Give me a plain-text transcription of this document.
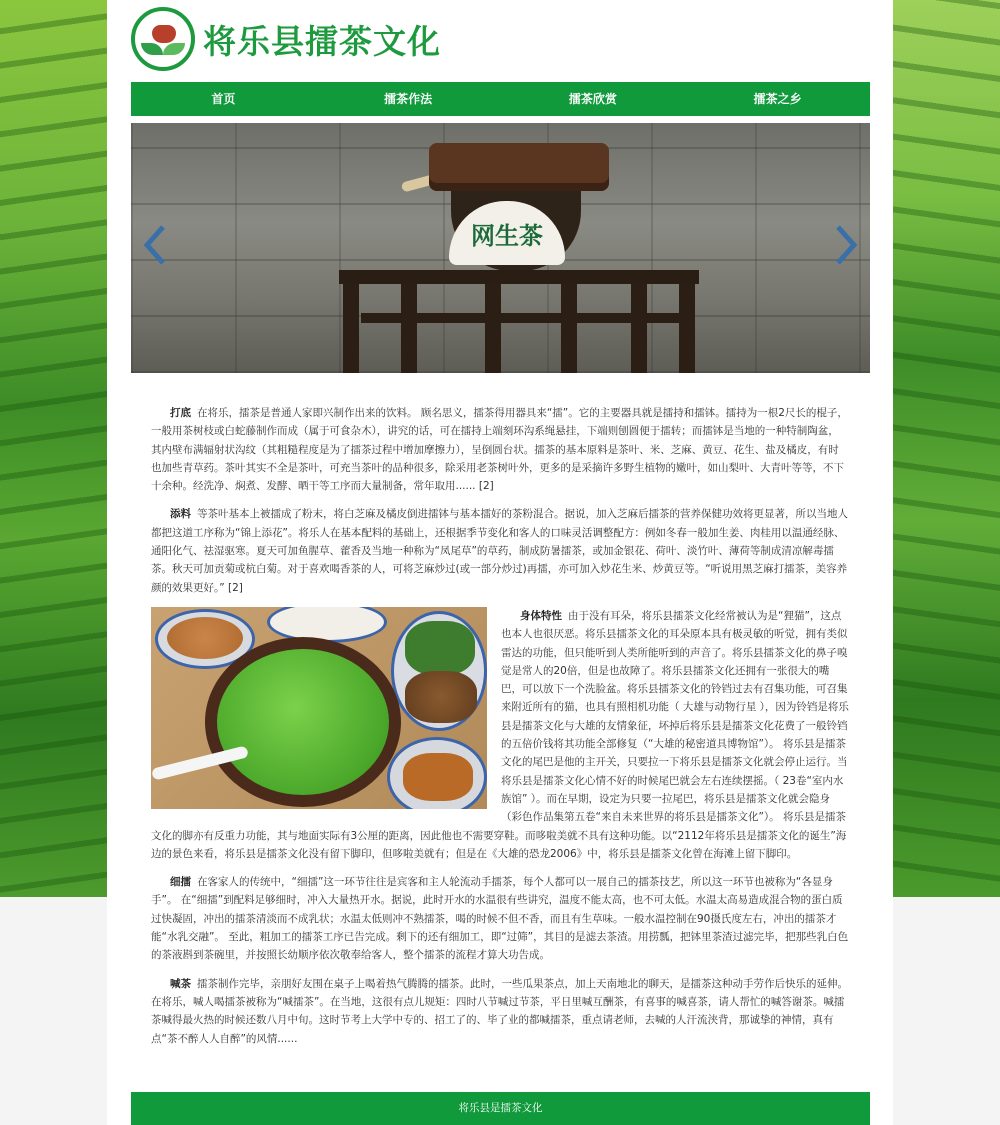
将乐县擂茶文化
首页	擂茶作法	擂茶欣赏	擂茶之乡
网生茶

打底 在将乐，擂茶是普通人家即兴制作出来的饮料。 顾名思义，擂茶得用器具来“擂”。它的主要器具就是擂持和擂钵。擂持为一根2尺长的棍子，一般用茶树枝或白蛇藤制作而成（属于可食杂木），讲究的话，可在擂持上端刻环沟系绳悬挂，下端则刨圆便于擂转；而擂钵是当地的一种特制陶盆，其内壁布满辐射状沟纹（其粗糙程度是为了擂茶过程中增加摩擦力），呈倒圆台状。擂茶的基本原料是茶叶、米、芝麻、黄豆、花生、盐及橘皮，有时也加些青草药。茶叶其实不全是茶叶，可充当茶叶的品种很多，除采用老茶树叶外，更多的是采摘许多野生植物的嫩叶，如山梨叶、大青叶等等，不下十余种。经洗净、焖煮、发酵、晒干等工序而大量制备，常年取用...... [2]

添料 等茶叶基本上被擂成了粉末，将白芝麻及橘皮倒进擂钵与基本擂好的茶粉混合。据说，加入芝麻后擂茶的营养保健功效将更显著，所以当地人都把这道工序称为“锦上添花”。将乐人在基本配料的基础上，还根据季节变化和客人的口味灵活调整配方：例如冬春一般加生姜、肉桂用以温通经脉、通阳化气、祛湿驱寒。夏天可加鱼腥草、藿香及当地一种称为“凤尾草”的草药，制成防暑擂茶，或加金银花、荷叶、淡竹叶、薄荷等制成清凉解毒擂茶。秋天可加贡菊或杭白菊。对于喜欢喝香茶的人，可将芝麻炒过(或一部分炒过)再擂，亦可加入炒花生米、炒黄豆等。“听说用黑芝麻打擂茶，美容养颜的效果更好。” [2]

身体特性 由于没有耳朵，将乐县擂茶文化经常被认为是“狸猫”，这点也本人也很厌恶。将乐县擂茶文化的耳朵原本具有极灵敏的听觉，拥有类似雷达的功能，但只能听到人类所能听到的声音了。将乐县擂茶文化的鼻子嗅觉是常人的20倍，但是也故障了。将乐县擂茶文化还拥有一张很大的嘴巴，可以放下一个洗脸盆。将乐县擂茶文化的铃铛过去有召集功能，可召集来附近所有的猫，也具有照相机功能（ 大雄与动物行星 ），因为铃铛是将乐县是擂茶文化与大雄的友情象征，坏掉后将乐县是擂茶文化花费了一般铃铛的五倍价钱将其功能全部修复（“大雄的秘密道具博物馆”）。 将乐县是擂茶文化的尾巴是他的主开关，只要拉一下将乐县是擂茶文化就会停止运行。当将乐县是擂茶文化心情不好的时候尾巴就会左右连续摆摇。（ 23卷“室内水族馆” ）。而在早期，设定为只要一拉尾巴，将乐县是擂茶文化就会隐身（彩色作品集第五卷“来自未来世界的将乐县是擂茶文化”）。 将乐县是擂茶文化的脚亦有反重力功能，其与地面实际有3公厘的距离，因此他也不需要穿鞋。而哆啦美就不具有这种功能。以“2112年将乐县是擂茶文化的诞生”海边的景色来看，将乐县是擂茶文化没有留下脚印，但哆啦美就有；但是在《大雄的恐龙2006》中，将乐县是擂茶文化曾在海滩上留下脚印。

细擂 在客家人的传统中，“细擂”这一环节往往是宾客和主人轮流动手擂茶，每个人都可以一展自己的擂茶技艺，所以这一环节也被称为“各显身手”。 在“细擂”到配料足够细时，冲入大量热开水。据说，此时开水的水温很有些讲究，温度不能太高，也不可太低。水温太高易造成混合物的蛋白质过快凝固，冲出的擂茶清淡而不成乳状；水温太低则冲不熟擂茶，喝的时候不但不香，而且有生草味。一般水温控制在90摄氏度左右，冲出的擂茶才能“水乳交融”。 至此，粗加工的擂茶工序已告完成。剩下的还有细加工，即“过筛”，其目的是滤去茶渣。用捞瓢，把钵里茶渣过滤完毕，把那些乳白色的茶液斟到茶碗里，并按照长幼顺序依次敬奉给客人，整个擂茶的流程才算大功告成。

喊茶 擂茶制作完毕，亲朋好友围在桌子上喝着热气腾腾的擂茶。此时，一些瓜果茶点，加上天南地北的聊天，是擂茶这种动手劳作后快乐的延伸。 在将乐，喊人喝擂茶被称为“喊擂茶”。在当地，这很有点儿规矩：四时八节喊过节茶，平日里喊互酬茶，有喜事的喊喜茶，请人帮忙的喊答谢茶。喊擂茶喊得最火热的时候还数八月中旬。这时节考上大学中专的、招工了的、毕了业的都喊擂茶，重点请老师，去喊的人汗流浃背，那诚挚的神情，真有点“茶不醉人人自醉”的风情......

将乐县是擂茶文化
